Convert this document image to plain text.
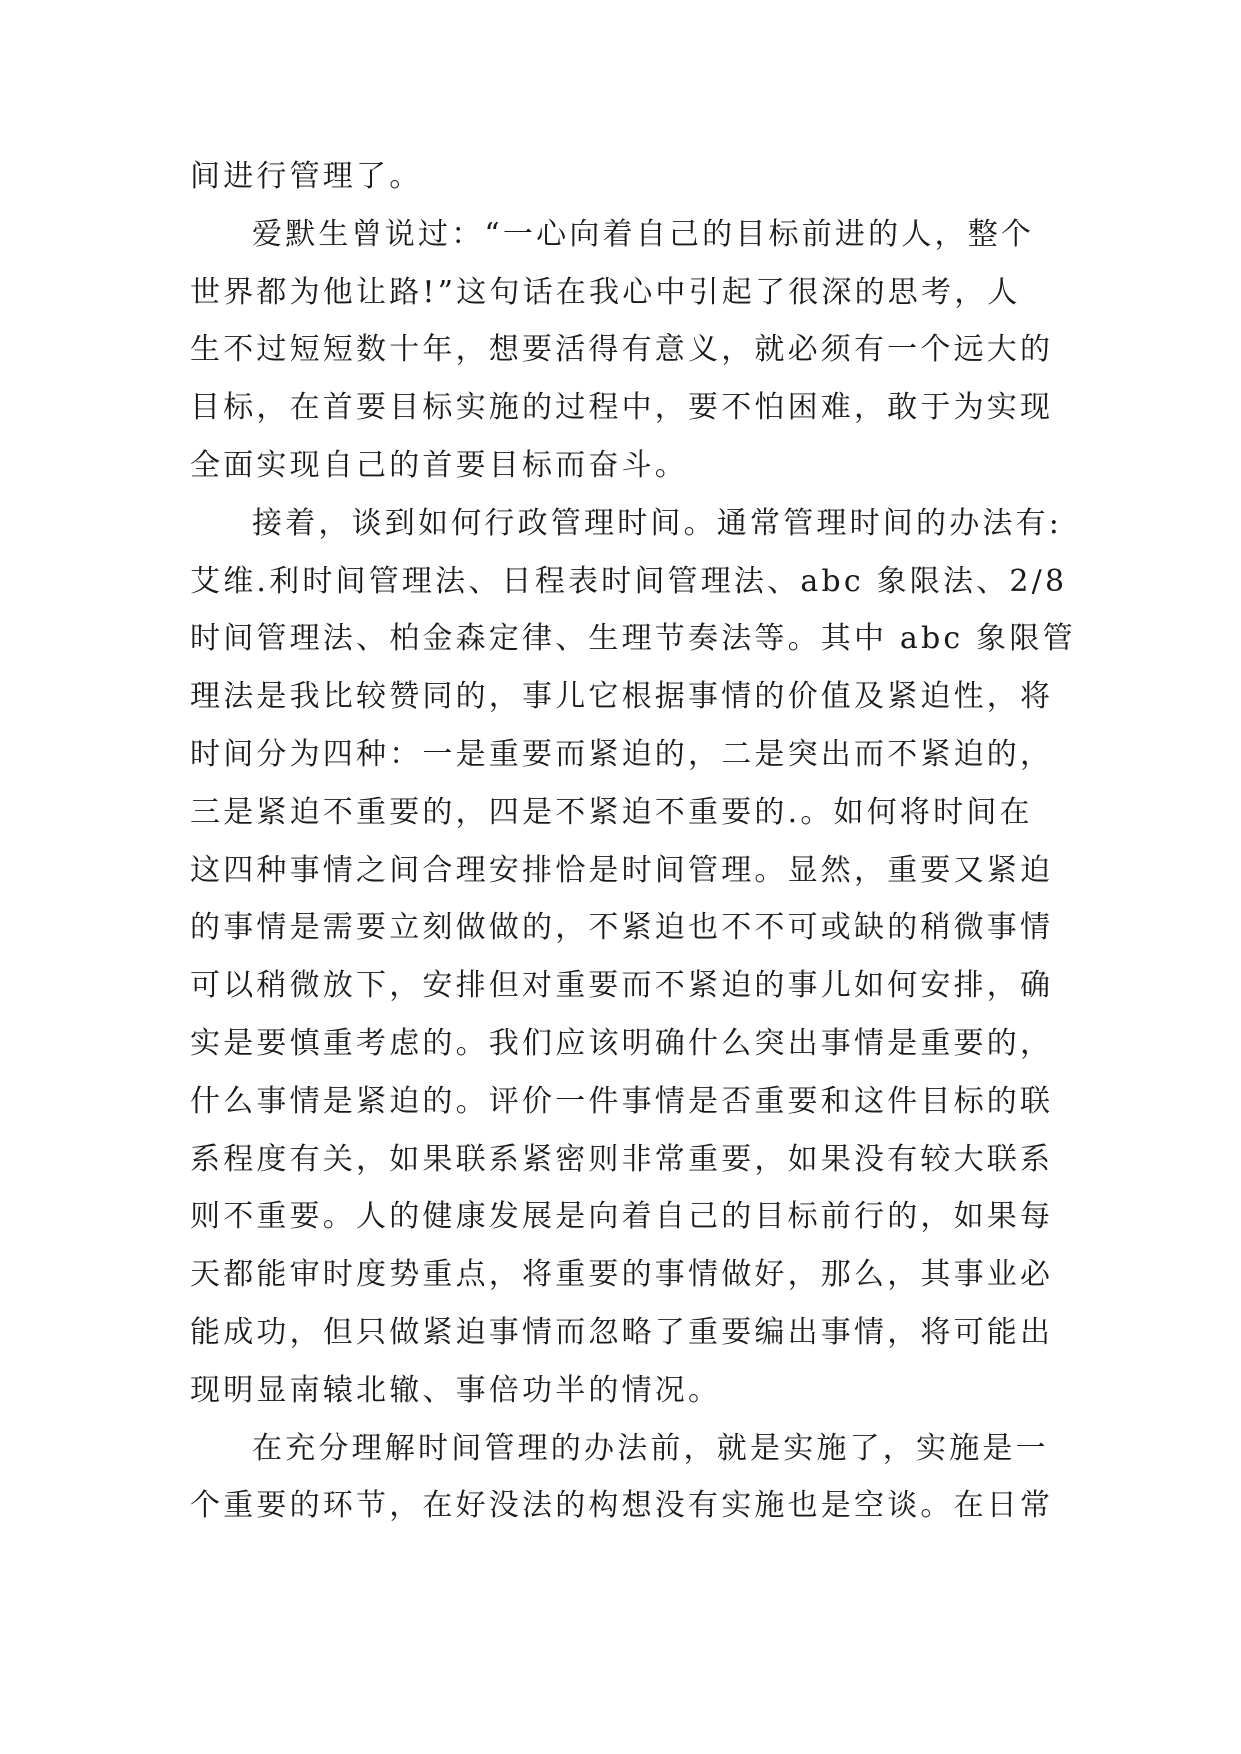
间进行管理了。
爱默生曾说过：“一心向着自己的目标前进的人，整个
世界都为他让路!”这句话在我心中引起了很深的思考，人
生不过短短数十年，想要活得有意义，就必须有一个远大的
目标，在首要目标实施的过程中，要不怕困难，敢于为实现
全面实现自己的首要目标而奋斗。
接着，谈到如何行政管理时间。通常管理时间的办法有:
艾维.利时间管理法、日程表时间管理法、abc 象限法、2/8
时间管理法、柏金森定律、生理节奏法等。其中 abc 象限管
理法是我比较赞同的，事儿它根据事情的价值及紧迫性，将
时间分为四种：一是重要而紧迫的，二是突出而不紧迫的，
三是紧迫不重要的，四是不紧迫不重要的.。如何将时间在
这四种事情之间合理安排恰是时间管理。显然，重要又紧迫
的事情是需要立刻做做的，不紧迫也不不可或缺的稍微事情
可以稍微放下，安排但对重要而不紧迫的事儿如何安排，确
实是要慎重考虑的。我们应该明确什么突出事情是重要的，
什么事情是紧迫的。评价一件事情是否重要和这件目标的联
系程度有关，如果联系紧密则非常重要，如果没有较大联系
则不重要。人的健康发展是向着自己的目标前行的，如果每
天都能审时度势重点，将重要的事情做好，那么，其事业必
能成功，但只做紧迫事情而忽略了重要编出事情，将可能出
现明显南辕北辙、事倍功半的情况。
在充分理解时间管理的办法前，就是实施了，实施是一
个重要的环节，在好没法的构想没有实施也是空谈。在日常
